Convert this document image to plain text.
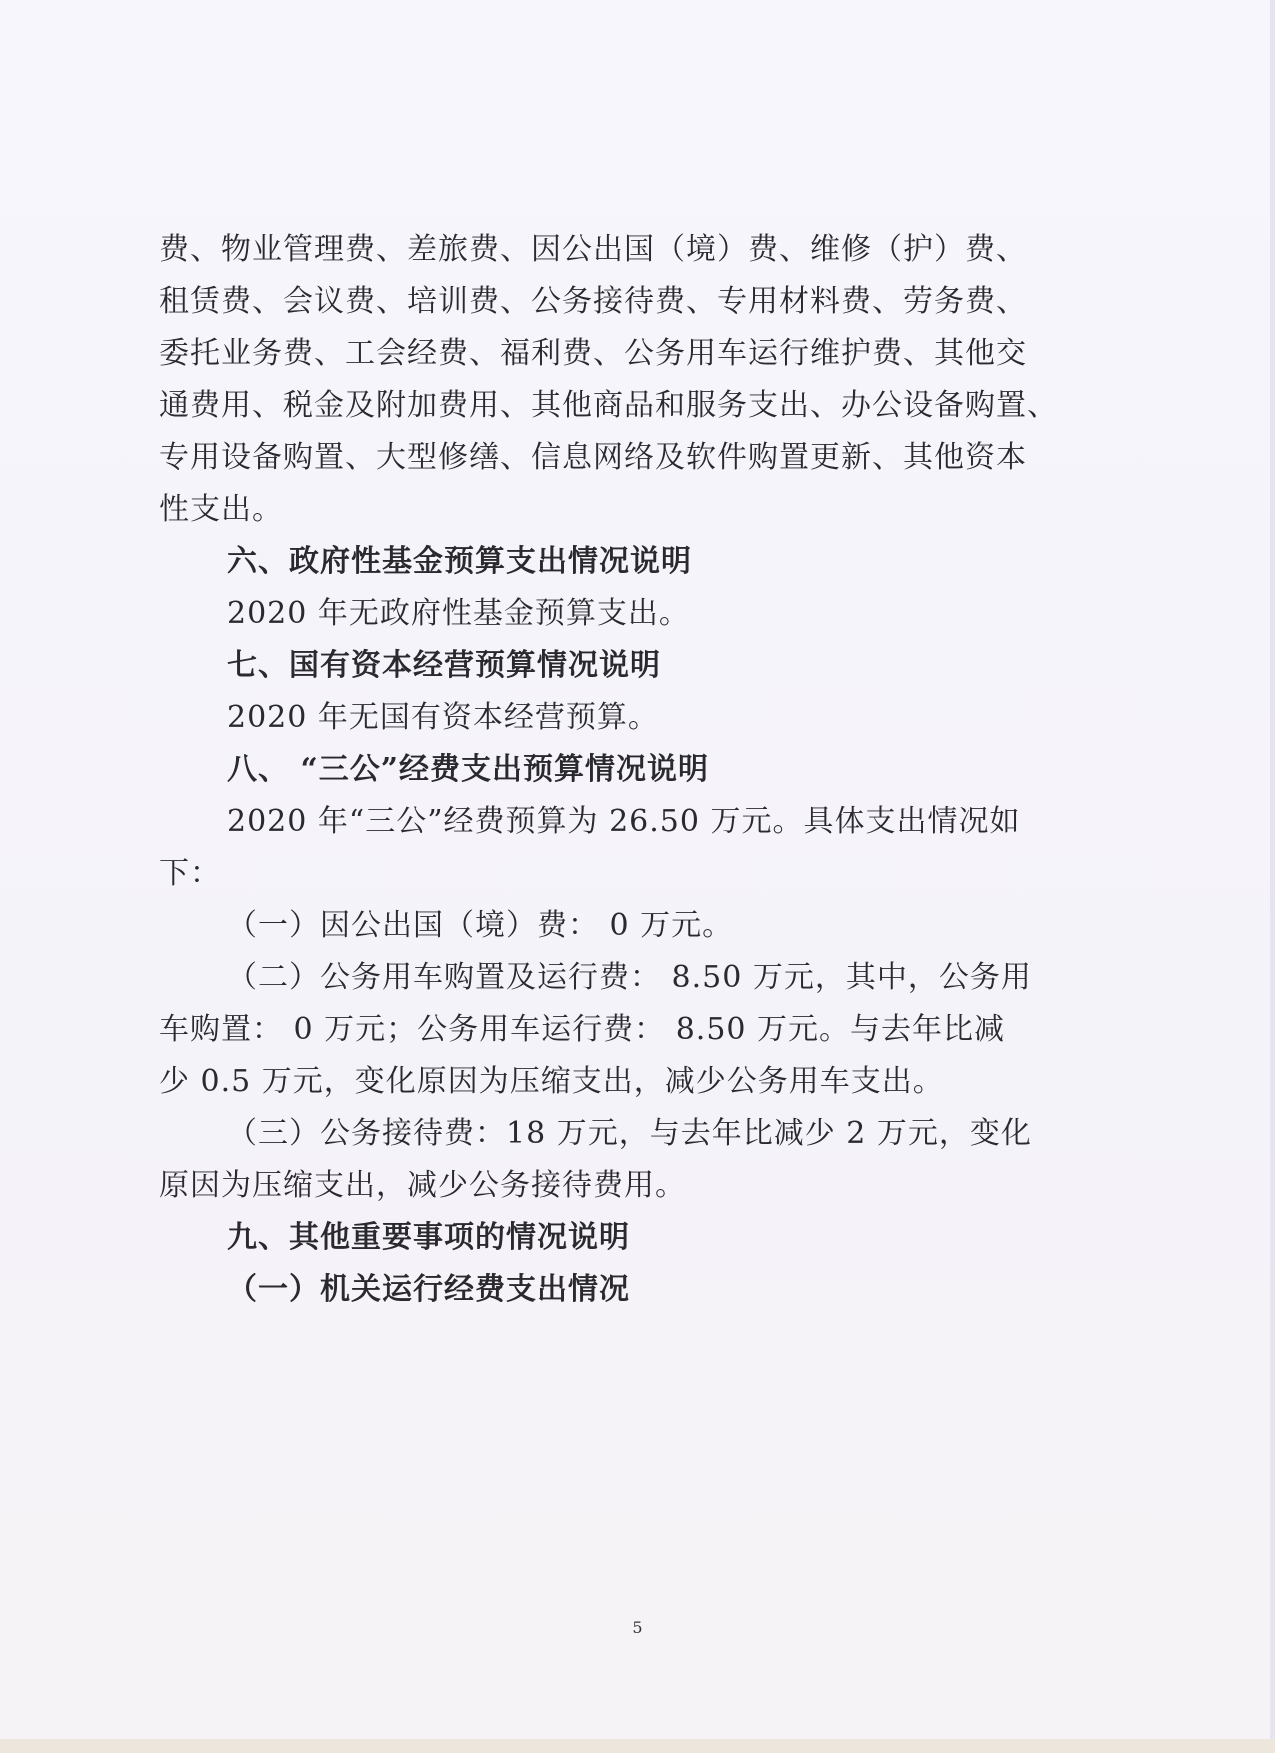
费、物业管理费、差旅费、因公出国（境）费、维修（护）费、
租赁费、会议费、培训费、公务接待费、专用材料费、劳务费、
委托业务费、工会经费、福利费、公务用车运行维护费、其他交
通费用、税金及附加费用、其他商品和服务支出、办公设备购置、
专用设备购置、大型修缮、信息网络及软件购置更新、其他资本
性支出。
六、政府性基金预算支出情况说明
2020 年无政府性基金预算支出。
七、国有资本经营预算情况说明
2020 年无国有资本经营预算。
八、 “三公”经费支出预算情况说明
2020 年“三公”经费预算为 26.50 万元。具体支出情况如
下：
（一）因公出国（境）费： 0 万元。
（二）公务用车购置及运行费： 8.50 万元，其中，公务用
车购置： 0 万元；公务用车运行费： 8.50 万元。与去年比减
少 0.5 万元，变化原因为压缩支出，减少公务用车支出。
（三）公务接待费：18 万元，与去年比减少 2 万元，变化
原因为压缩支出，减少公务接待费用。
九、其他重要事项的情况说明
（一）机关运行经费支出情况
5
